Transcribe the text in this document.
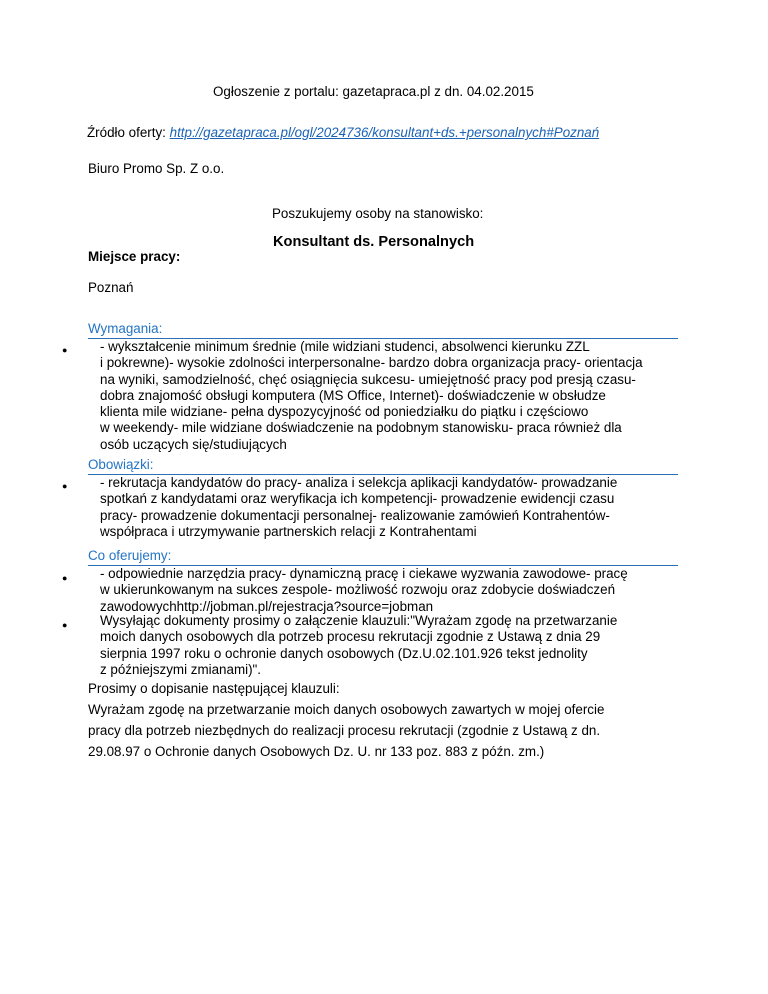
Ogłoszenie z portalu: gazetapraca.pl z dn. 04.02.2015
Źródło oferty: http://gazetapraca.pl/ogl/2024736/konsultant+ds.+personalnych#Poznań
Biuro Promo Sp. Z o.o.
Poszukujemy osoby na stanowisko:
Konsultant ds. Personalnych
Miejsce pracy:
Poznań
Wymagania:
● - wykształcenie minimum średnie (mile widziani studenci, absolwenci kierunku ZZL
i pokrewne)- wysokie zdolności interpersonalne- bardzo dobra organizacja pracy- orientacja
na wyniki, samodzielność, chęć osiągnięcia sukcesu- umiejętność pracy pod presją czasu-
dobra znajomość obsługi komputera (MS Office, Internet)- doświadczenie w obsłudze
klienta mile widziane- pełna dyspozycyjność od poniedziałku do piątku i częściowo
w weekendy- mile widziane doświadczenie na podobnym stanowisku- praca również dla
osób uczących się/studiujących
Obowiązki:
● - rekrutacja kandydatów do pracy- analiza i selekcja aplikacji kandydatów- prowadzanie
spotkań z kandydatami oraz weryfikacja ich kompetencji- prowadzenie ewidencji czasu
pracy- prowadzenie dokumentacji personalnej- realizowanie zamówień Kontrahentów-
współpraca i utrzymywanie partnerskich relacji z Kontrahentami
Co oferujemy:
● - odpowiednie narzędzia pracy- dynamiczną pracę i ciekawe wyzwania zawodowe- pracę
w ukierunkowanym na sukces zespole- możliwość rozwoju oraz zdobycie doświadczeń
zawodowychhttp://jobman.pl/rejestracja?source=jobman
● Wysyłając dokumenty prosimy o załączenie klauzuli:"Wyrażam zgodę na przetwarzanie
moich danych osobowych dla potrzeb procesu rekrutacji zgodnie z Ustawą z dnia 29
sierpnia 1997 roku o ochronie danych osobowych (Dz.U.02.101.926 tekst jednolity
z późniejszymi zmianami)".
Prosimy o dopisanie następującej klauzuli:
Wyrażam zgodę na przetwarzanie moich danych osobowych zawartych w mojej ofercie
pracy dla potrzeb niezbędnych do realizacji procesu rekrutacji (zgodnie z Ustawą z dn.
29.08.97 o Ochronie danych Osobowych Dz. U. nr 133 poz. 883 z późn. zm.)
